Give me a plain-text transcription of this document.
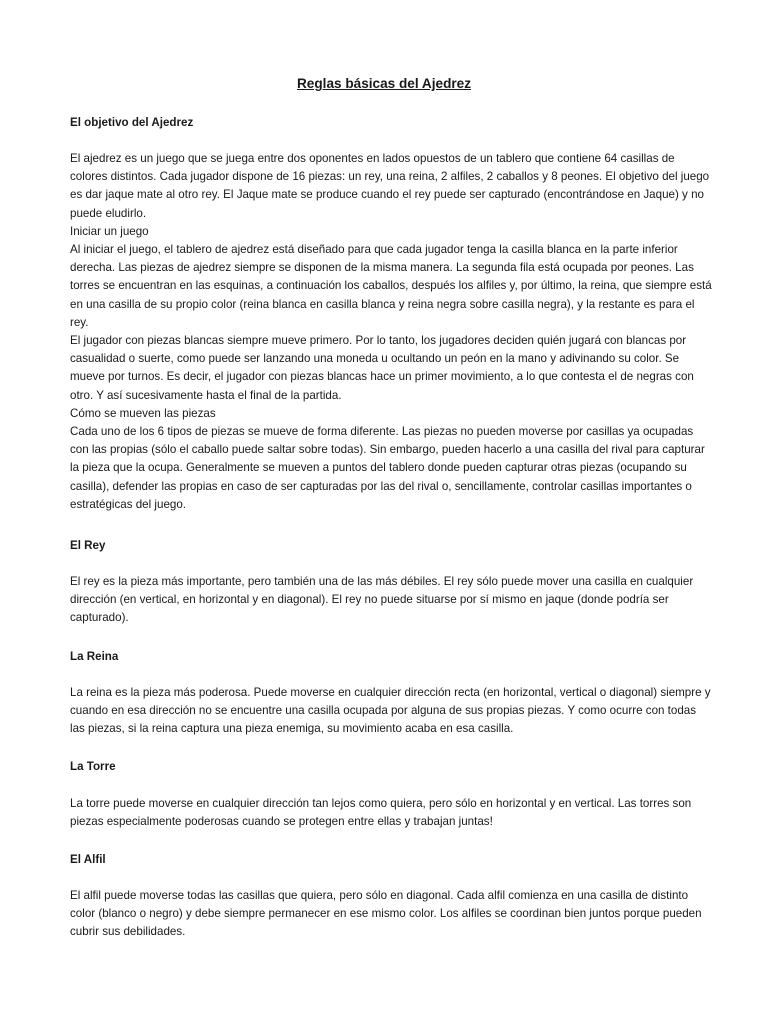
Reglas básicas del Ajedrez
El objetivo del Ajedrez
El ajedrez es un juego que se juega entre dos oponentes en lados opuestos de un tablero que contiene 64 casillas de
colores distintos. Cada jugador dispone de 16 piezas: un rey, una reina, 2 alfiles, 2 caballos y 8 peones. El objetivo del juego
es dar jaque mate al otro rey. El Jaque mate se produce cuando el rey puede ser capturado (encontrándose en Jaque) y no
puede eludirlo.
Iniciar un juego
Al iniciar el juego, el tablero de ajedrez está diseñado para que cada jugador tenga la casilla blanca en la parte inferior
derecha. Las piezas de ajedrez siempre se disponen de la misma manera. La segunda fila está ocupada por peones. Las
torres se encuentran en las esquinas, a continuación los caballos, después los alfiles y, por último, la reina, que siempre está
en una casilla de su propio color (reina blanca en casilla blanca y reina negra sobre casilla negra), y la restante es para el
rey.
El jugador con piezas blancas siempre mueve primero. Por lo tanto, los jugadores deciden quién jugará con blancas por
casualidad o suerte, como puede ser lanzando una moneda u ocultando un peón en la mano y adivinando su color. Se
mueve por turnos. Es decir, el jugador con piezas blancas hace un primer movimiento, a lo que contesta el de negras con
otro. Y así sucesivamente hasta el final de la partida.
Cómo se mueven las piezas
Cada uno de los 6 tipos de piezas se mueve de forma diferente. Las piezas no pueden moverse por casillas ya ocupadas
con las propias (sólo el caballo puede saltar sobre todas). Sin embargo, pueden hacerlo a una casilla del rival para capturar
la pieza que la ocupa. Generalmente se mueven a puntos del tablero donde pueden capturar otras piezas (ocupando su
casilla), defender las propias en caso de ser capturadas por las del rival o, sencillamente, controlar casillas importantes o
estratégicas del juego.
El Rey
El rey es la pieza más importante, pero también una de las más débiles. El rey sólo puede mover una casilla en cualquier
dirección (en vertical, en horizontal y en diagonal). El rey no puede situarse por sí mismo en jaque (donde podría ser
capturado).
La Reina
La reina es la pieza más poderosa. Puede moverse en cualquier dirección recta (en horizontal, vertical o diagonal) siempre y
cuando en esa dirección no se encuentre una casilla ocupada por alguna de sus propias piezas. Y como ocurre con todas
las piezas, si la reina captura una pieza enemiga, su movimiento acaba en esa casilla.
La Torre
La torre puede moverse en cualquier dirección tan lejos como quiera, pero sólo en horizontal y en vertical. Las torres son
piezas especialmente poderosas cuando se protegen entre ellas y trabajan juntas!
El Alfil
El alfil puede moverse todas las casillas que quiera, pero sólo en diagonal. Cada alfil comienza en una casilla de distinto
color (blanco o negro) y debe siempre permanecer en ese mismo color. Los alfiles se coordinan bien juntos porque pueden
cubrir sus debilidades.
